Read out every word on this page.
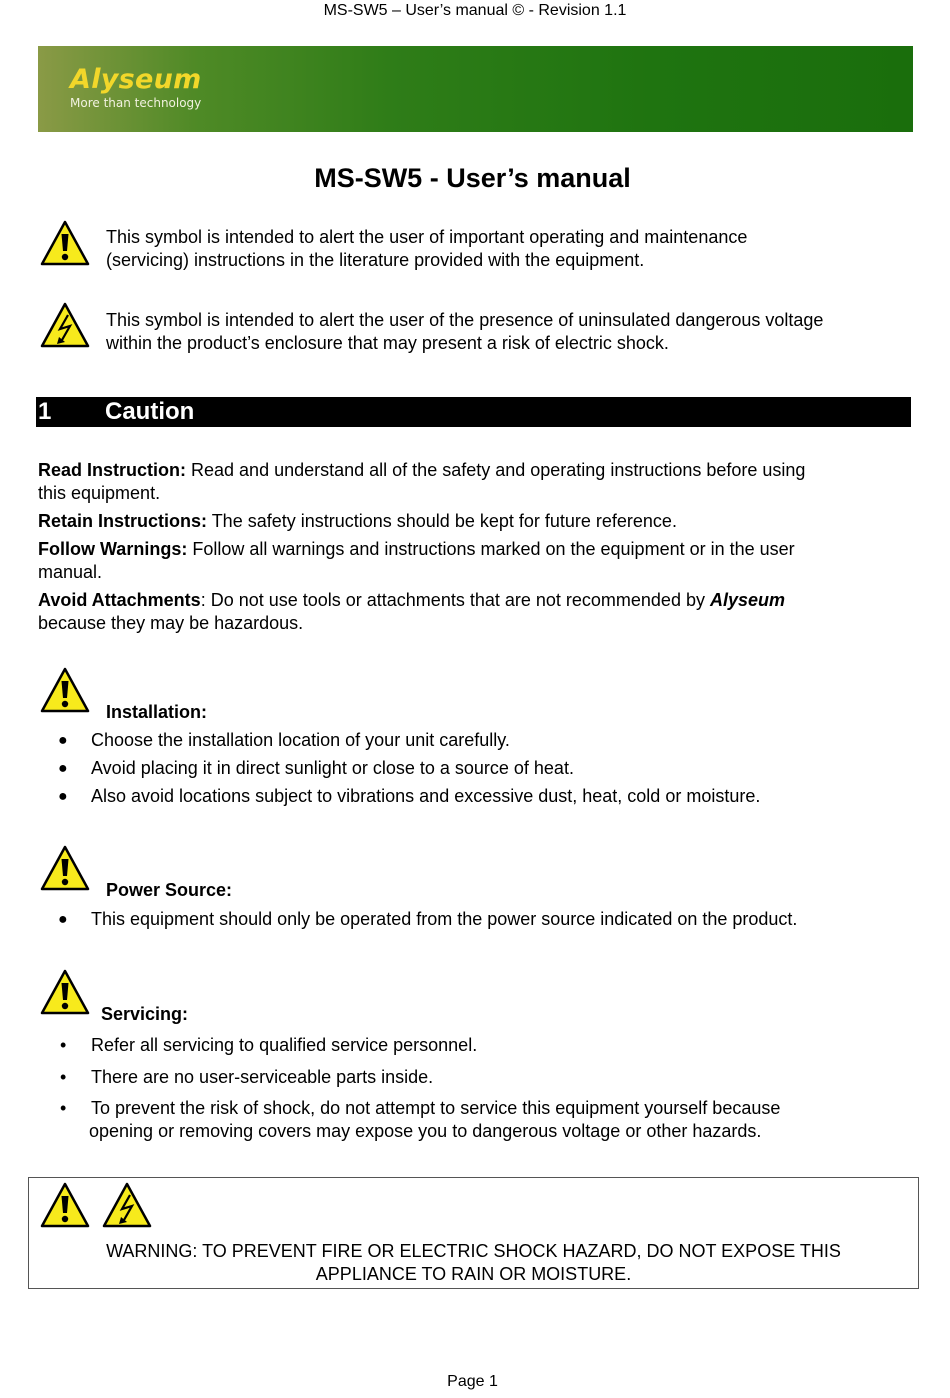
MS-SW5 – User’s manual © - Revision 1.1
Alyseum
More than technology
MS-SW5 - User’s manual
This symbol is intended to alert the user of important operating and maintenance
(servicing) instructions in the literature provided with the equipment.
This symbol is intended to alert the user of the presence of uninsulated dangerous voltage
within the product’s enclosure that may present a risk of electric shock.
1 Caution
Read Instruction: Read and understand all of the safety and operating instructions before using
this equipment.
Retain Instructions: The safety instructions should be kept for future reference.
Follow Warnings: Follow all warnings and instructions marked on the equipment or in the user
manual.
Avoid Attachments: Do not use tools or attachments that are not recommended by Alyseum
because they may be hazardous.
Installation:
● Choose the installation location of your unit carefully.
● Avoid placing it in direct sunlight or close to a source of heat.
● Also avoid locations subject to vibrations and excessive dust, heat, cold or moisture.
Power Source:
● This equipment should only be operated from the power source indicated on the product.
Servicing:
• Refer all servicing to qualified service personnel.
• There are no user-serviceable parts inside.
• To prevent the risk of shock, do not attempt to service this equipment yourself because
opening or removing covers may expose you to dangerous voltage or other hazards.
WARNING: TO PREVENT FIRE OR ELECTRIC SHOCK HAZARD, DO NOT EXPOSE THIS
APPLIANCE TO RAIN OR MOISTURE.
Page 1
